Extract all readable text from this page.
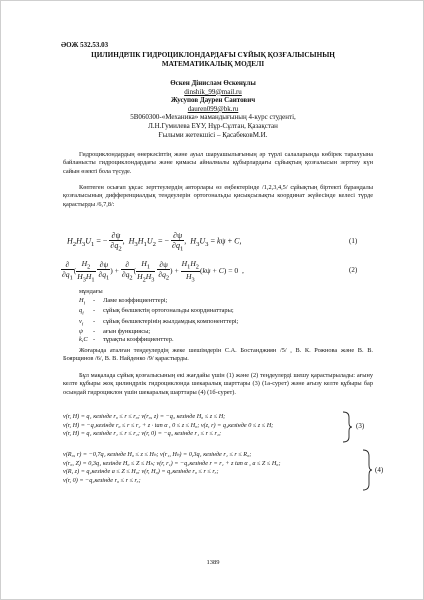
ӘОЖ 532.53.03
ЦИЛИНДРЛІК ГИДРОЦИКЛОНДАРДАҒЫ СҰЙЫҚ ҚОЗҒАЛЫСЫНЫҢ
МАТЕМАТИКАЛЫҚ МОДЕЛІ
Өскен Дінислам Өскенұлы
dinshik_99@mail.ru
Жусупов Даурен Саитович
dauren099@bk.ru
5В060300-«Механика» мамандығының 4-курс студенті,
Л.Н.Гумилева ЕҰУ, Нұр-Сұлтан, Қазақстан
Ғылыми жетекшісі – ҚасабековМ.И.
Гидроциклондардың өнеркәсіптің және ауыл шаруашылығының әр түрлі салаларында көбірек таралуына байланысты гидроциклондардағы және қимасы айналмалы құбырлардағы сұйықтың қозғалысын зерттеу күн сайын өзекті бола түсуде.
Көптеген осығап ұқсас зерттеулердің авторлары өз еңбектерінде /1,2,3,4,5/ сұйықтың біртекті бұраңдалы қозғалысының дифференциалдық теңдеулерін ортогональды қисықсызықты координат жүйесінде келесі түрде қарастырды /6,7,8/:
$H_2H_3U_1$ = − $\frac{\partial\psi}{\partial q_2}$ ,  $H_3H_1U_2$ = − $\frac{\partial\psi}{\partial q_1}$ ,  $H_3U_3 = k\psi + C$,	(1)
$\frac{\partial}{\partial q_1}$ ( $\frac{H_2}{H_3H_1}$
$\frac{\partial\psi}{\partial q_1}$ ) + $\frac{\partial}{\partial q_2}$ ( $\frac{H_1}{H_2H_3}$
$\frac{\partial\psi}{\partial q_2}$ ) + $\frac{H_1H_2}{H_3} (k\psi + C) = 0$  ,	(2)
мұндағы
$H_i$ - Ламе коэффициенттері;
$q_i$ - сұйық бөлшектің ортогональды координаттары;
$v_i$ - сұйық бөлшектерінің жылдамдық компоненттері;
ψ - ағын функциясы;
k,C - тұрақты коэффициенттер.
Жоғарыда аталған теңдеулердің жеке шешімдерін С.А. Бостанджиян /5/ , В. К. Рожнова және В. В. Боярщинов /6/, В. В. Найденко /9/ қарастырды.
Бұл мақалада сұйық қозғалысының екі жағдайы үшін (1) және (2) теңдеулерді шешу қарастырылады: ағыну келте құбыры жоқ цилиндрлік гидроциклонда шекаралық шарттары (3) (1а-сурет) және ағызу келте құбыры бар осындай гидроциклон үшін шекаралық шарттары (4) (1б-сурет).
v(r, H) = q₁ кезінде r₀ ≤ r ≤ r₀; v(r₀, z) = −q₃ кезінде H₀ ≤ z ≤ H;
v(r, H) = −q₂кезінде r₀ ≤ r ≤ r₂ + z · tan α , 0 ≤ z ≤ H₀; v(z, r) = q₄кезінде 0 ≤ z ≤ H;
v(r, H) = q₁ кезінде r₁ ≤ r ≤ r₂; v(r, 0) = −q₃ кезінде r₁ ≤ r ≤ r₂;
(3)
v(R₀, r) = −0,7q₁ кезінде H₀ ≤ z ≤ Hₕ; v(r₁, Hₕ) = 0,3q₁ кезінде r₁ ≤ r ≤ R₀;
v(r₀, Z) = 0,3q₁ кезінде H₀ ≤ Z ≤ Hₕ; v(r, r₁) = −q₃кезінде r = r₁ + z tan α , a ≤ Z ≤ H₀;
v(R, z) = q₄кезінде a ≤ Z ≤ H₀; v(r, H₀) = q₂кезінде r₀ ≤ r ≤ rₓ;
v(r, 0) = −q₃кезінде r₀ ≤ r ≤ rₓ;
(4)
1389
